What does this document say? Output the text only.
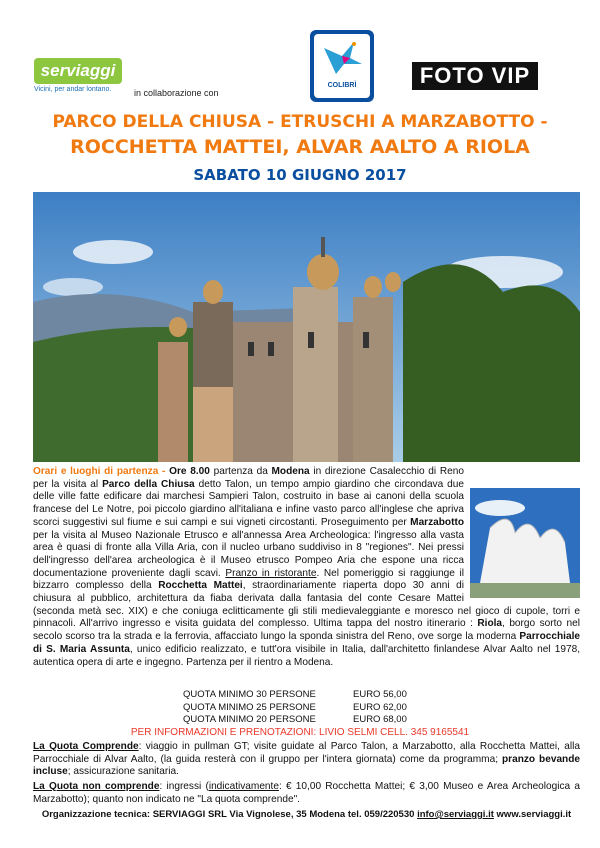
serviaggi
Vicini, per andar lontano.	in collaborazione con
COLIBRÌ	FOTO VIP
PARCO DELLA CHIUSA - ETRUSCHI A MARZABOTTO -
ROCCHETTA MATTEI, ALVAR AALTO A RIOLA
SABATO 10 GIUGNO 2017
Orari e luoghi di partenza - Ore 8.00 partenza da Modena in direzione Casalecchio di Reno per la visita al Parco della Chiusa detto Talon, un tempo ampio giardino che circondava due delle ville fatte edificare dai marchesi Sampieri Talon, costruito in base ai canoni della scuola francese del Le Notre, poi piccolo giardino all'italiana e infine vasto parco all'inglese che apriva scorci suggestivi sul fiume e sui campi e sui vigneti circostanti. Proseguimento per Marzabotto per la visita al Museo Nazionale Etrusco e all'annessa Area Archeologica: l'ingresso alla vasta area è quasi di fronte alla Villa Aria, con il nucleo urbano suddiviso in 8 "regiones". Nei pressi dell'ingresso dell'area archeologica è il Museo etrusco Pompeo Aria che espone una ricca documentazione proveniente dagli scavi. Pranzo in ristorante. Nel pomeriggio si raggiunge il bizzarro complesso della Rocchetta Mattei, straordinariamente riaperta dopo 30 anni di chiusura al pubblico, architettura da fiaba derivata dalla fantasia del conte Cesare Mattei (seconda metà sec. XIX) e che coniuga eclitticamente gli stili medievaleggiante e moresco nel gioco di cupole, torri e pinnacoli. All'arrivo ingresso e visita guidata del complesso. Ultima tappa del nostro itinerario : Riola, borgo sorto nel secolo scorso tra la strada e la ferrovia, affacciato lungo la sponda sinistra del Reno, ove sorge la moderna Parrocchiale di S. Maria Assunta, unico edificio realizzato, e tutt'ora visibile in Italia, dall'architetto finlandese Alvar Aalto nel 1978, autentica opera di arte e ingegno. Partenza per il rientro a Modena.
QUOTA MINIMO 30 PERSONE	EURO 56,00
QUOTA MINIMO 25 PERSONE	EURO 62,00
QUOTA MINIMO 20 PERSONE	EURO 68,00
PER INFORMAZIONI E PRENOTAZIONI: LIVIO SELMI CELL. 345 9165541
La Quota Comprende: viaggio in pullman GT; visite guidate al Parco Talon, a Marzabotto, alla Rocchetta Mattei, alla Parrocchiale di Alvar Aalto, (la guida resterà con il gruppo per l'intera giornata) come da programma; pranzo bevande incluse; assicurazione sanitaria.
La Quota non comprende: ingressi (indicativamente: € 10,00 Rocchetta Mattei; € 3,00 Museo e Area Archeologica a Marzabotto); quanto non indicato ne "La quota comprende".
Organizzazione tecnica: SERVIAGGI SRL Via Vignolese, 35 Modena tel. 059/220530 info@serviaggi.it www.serviaggi.it
